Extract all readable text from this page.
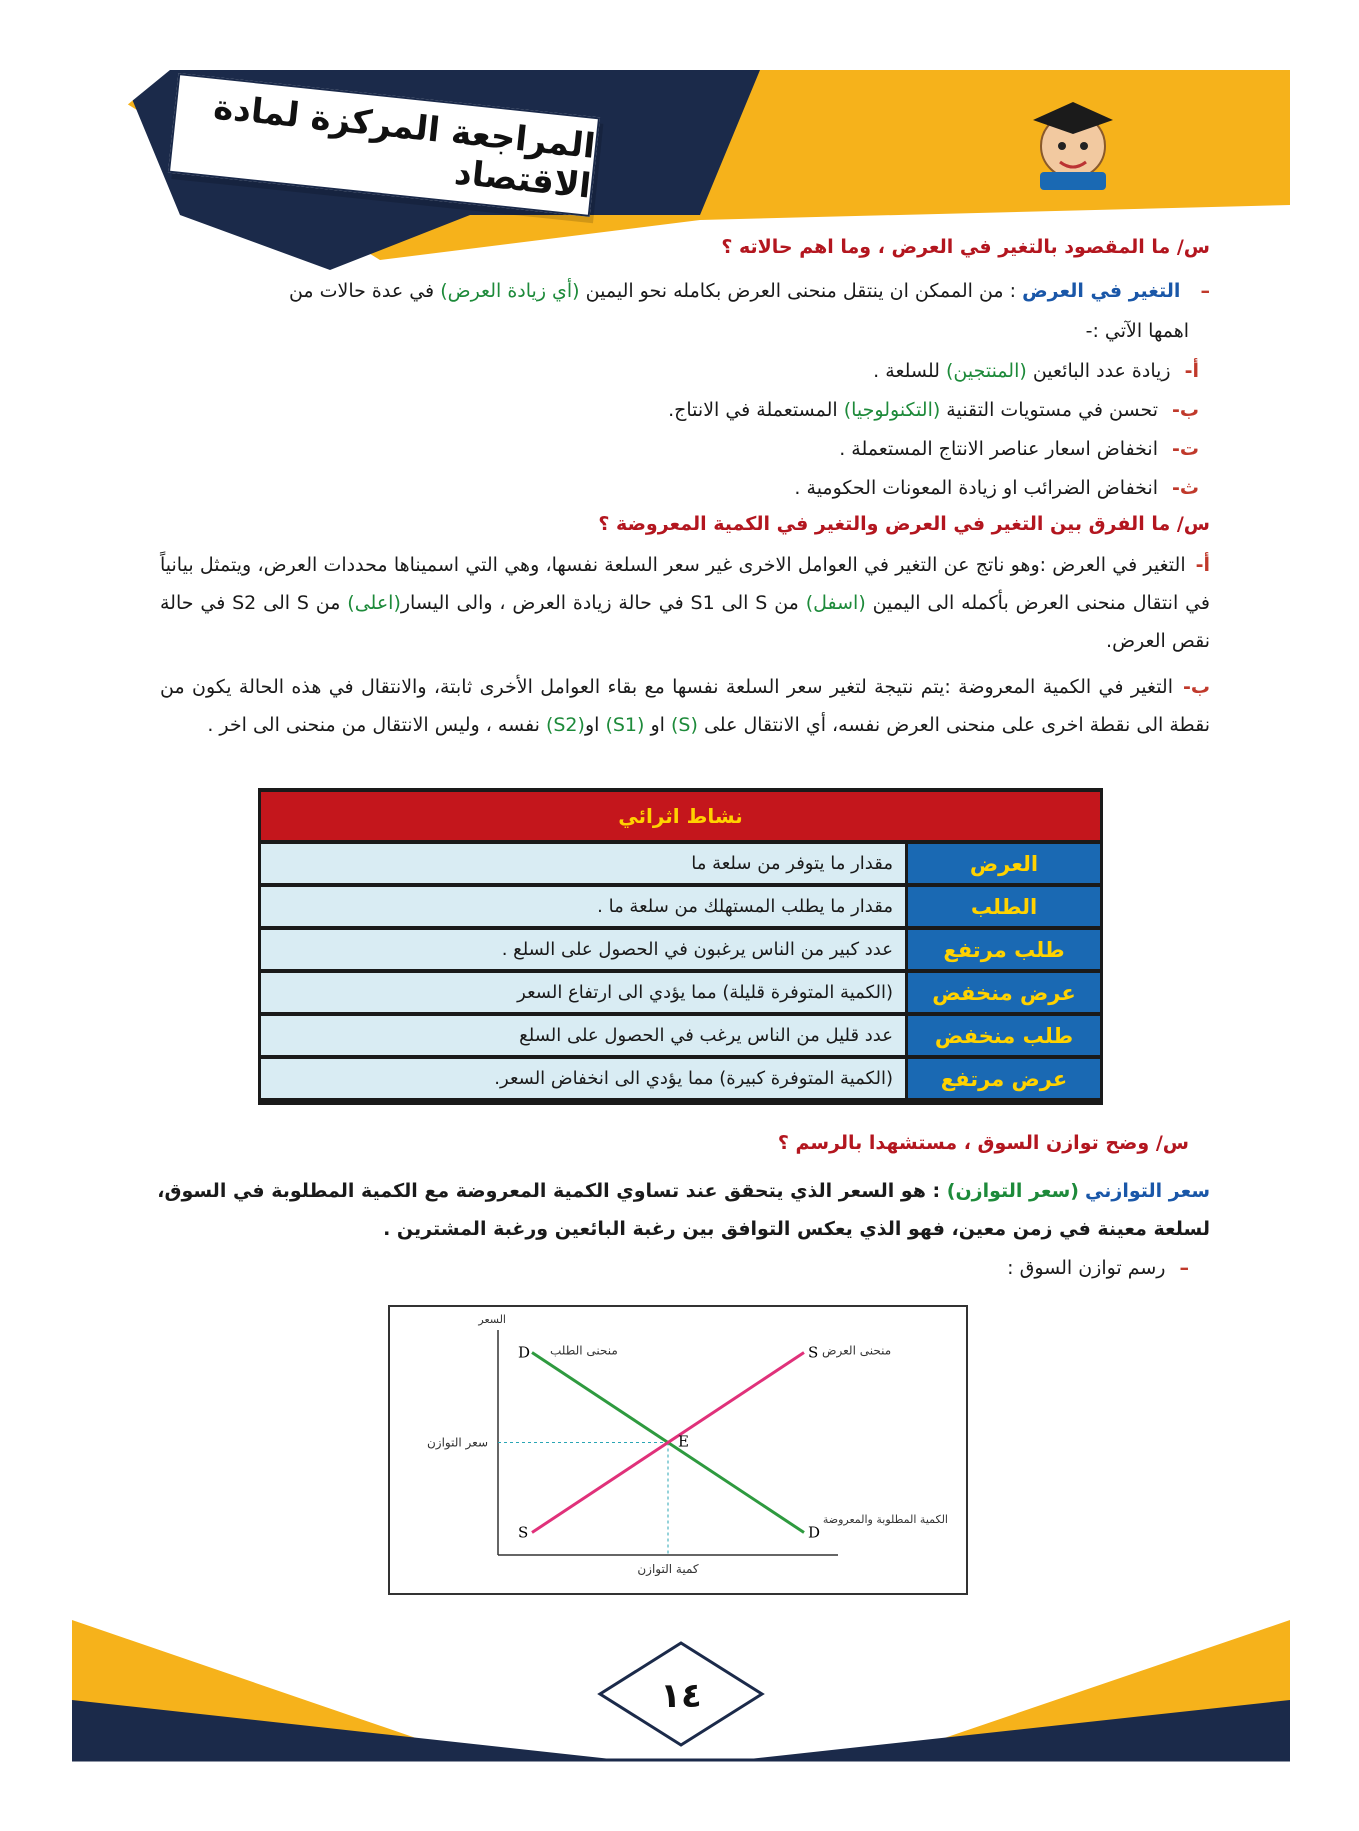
المراجعة المركزة لمادة الاقتصاد
س/ ما المقصود بالتغير في العرض ، وما اهم حالاته ؟
– التغير في العرض : من الممكن ان ينتقل منحنى العرض بكامله نحو اليمين (أي زيادة العرض) في عدة حالات من
اهمها الآتي :-
أ-زيادة عدد البائعين (المنتجين) للسلعة .
ب-تحسن في مستويات التقنية (التكنولوجيا) المستعملة في الانتاج.
ت-انخفاض اسعار عناصر الانتاج المستعملة .
ث-انخفاض الضرائب او زيادة المعونات الحكومية .
س/ ما الفرق بين التغير في العرض والتغير في الكمية المعروضة ؟
أ-التغير في العرض :وهو ناتج عن التغير في العوامل الاخرى غير سعر السلعة نفسها، وهي التي اسميناها محددات العرض، ويتمثل بيانياً في انتقال منحنى العرض بأكمله الى اليمين (اسفل) من S الى S1 في حالة زيادة العرض ، والى اليسار(اعلى) من S الى S2 في حالة نقص العرض.
ب-التغير في الكمية المعروضة :يتم نتيجة لتغير سعر السلعة نفسها مع بقاء العوامل الأخرى ثابتة، والانتقال في هذه الحالة يكون من نقطة الى نقطة اخرى على منحنى العرض نفسه، أي الانتقال على (S) او (S1) او(S2) نفسه ، وليس الانتقال من منحنى الى اخر .
نشاط اثرائي	
العرض	مقدار ما يتوفر من سلعة ما
الطلب	مقدار ما يطلب المستهلك من سلعة ما .
طلب مرتفع	عدد كبير من الناس يرغبون في الحصول على السلع .
عرض منخفض	(الكمية المتوفرة قليلة) مما يؤدي الى ارتفاع السعر
طلب منخفض	عدد قليل من الناس يرغب في الحصول على السلع
عرض مرتفع	(الكمية المتوفرة كبيرة) مما يؤدي الى انخفاض السعر.
س/ وضح توازن السوق ، مستشهدا بالرسم ؟
سعر التوازني (سعر التوازن) : هو السعر الذي يتحقق عند تساوي الكمية المعروضة مع الكمية المطلوبة في السوق،
لسلعة معينة في زمن معين، فهو الذي يعكس التوافق بين رغبة البائعين ورغبة المشترين .
–رسم توازن السوق :
D
D
S
S
منحنى الطلب	منحنى العرض
E
السعر
سعر التوازن
كمية التوازن
الكمية المطلوبة والمعروضة
١٤
